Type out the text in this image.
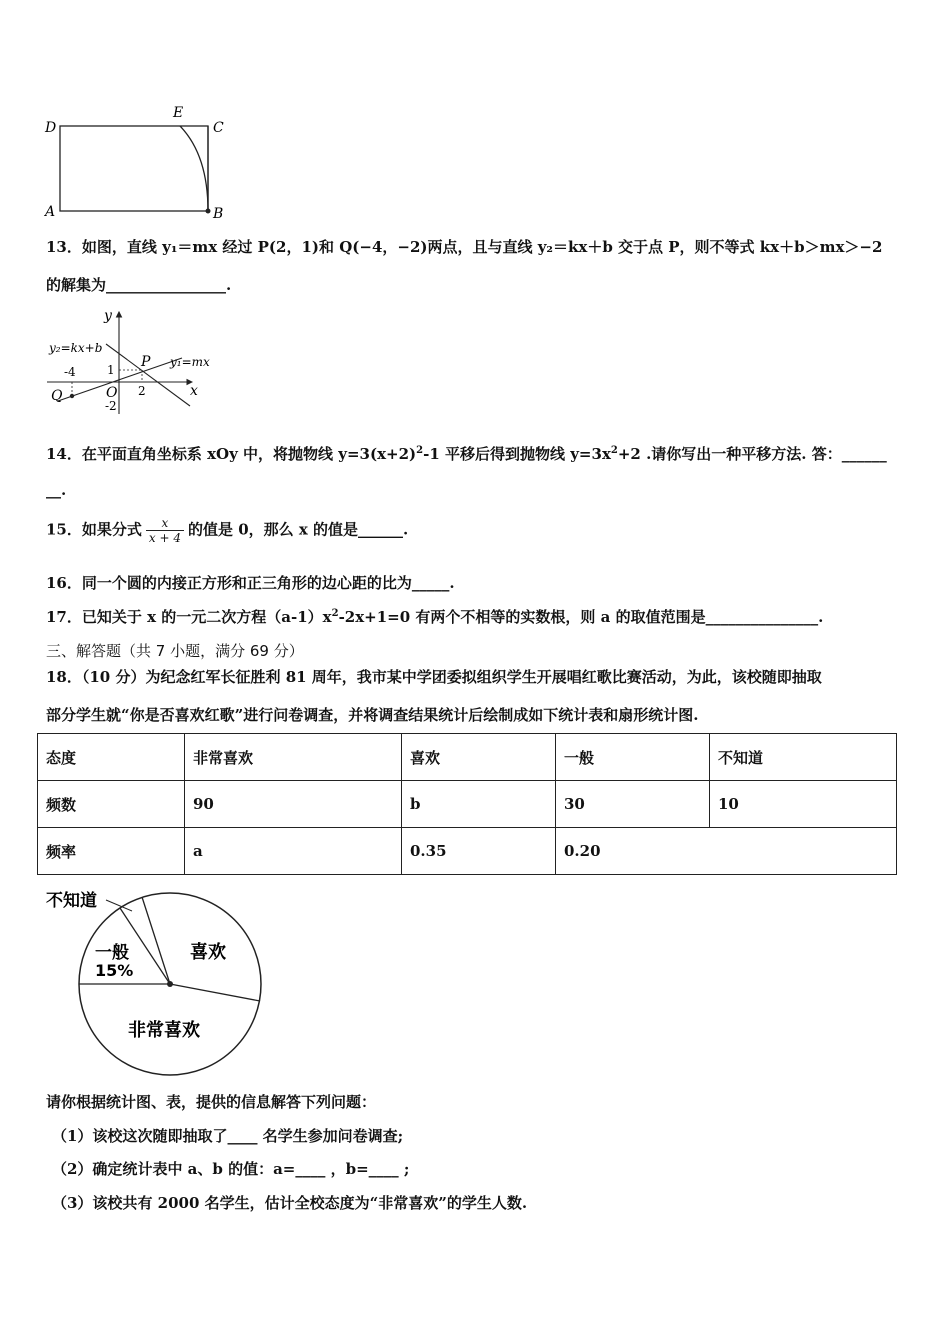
D
E
C
A	B
13．如图，直线 y₁＝mx 经过 P(2，1)和 Q(−4，−2)两点，且与直线 y₂＝kx＋b 交于点 P，则不等式 kx＋b＞mx＞−2
的解集为________________.
y
x
y₂=kx+b
y₁=mx
P
Q	O
-4	1
2
-2
14．在平面直角坐标系 xOy 中，将抛物线 $y=3(x+2)^2-1$ 平移后得到抛物线 $y=3x^2+2$ .请你写出一种平移方法. 答：______
__.
15．如果分式 $\frac{x}{x + 4}$ 的值是 0，那么 x 的值是______.
16．同一个圆的内接正方形和正三角形的边心距的比为_____.
17．已知关于 x 的一元二次方程$(a-1)x^2-2x+1=0$ 有两个不相等的实数根，则 a 的取值范围是_______________.
三、解答题（共 7 小题，满分 69 分）
18．（10 分）为纪念红军长征胜利 81 周年，我市某中学团委拟组织学生开展唱红歌比赛活动，为此，该校随即抽取
部分学生就“你是否喜欢红歌”进行问卷调查，并将调查结果统计后绘制成如下统计表和扇形统计图.
态度	非常喜欢	喜欢	一般	不知道
频数	90	b	30	10
频率	a	0.35	0.20	
不知道
一般
15%
喜欢
非常喜欢
请你根据统计图、表，提供的信息解答下列问题：
（1）该校这次随即抽取了____ 名学生参加问卷调查;
（2）确定统计表中 a、b 的值：a=____ ，b=____ ;
（3）该校共有 2000 名学生，估计全校态度为“非常喜欢”的学生人数.
